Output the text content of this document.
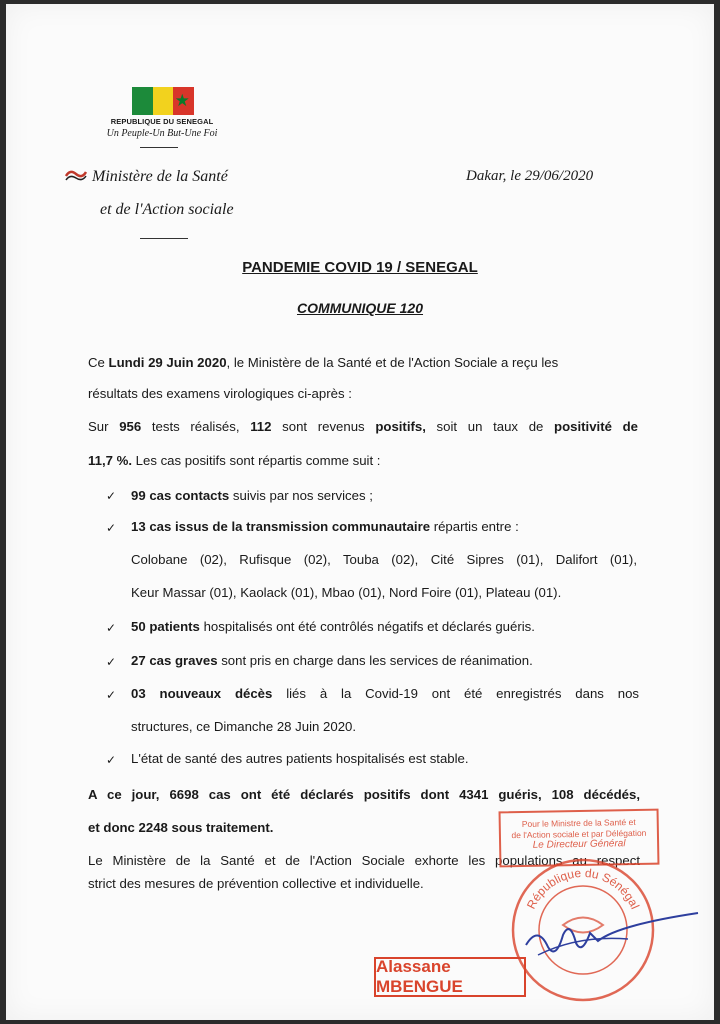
★
REPUBLIQUE DU SENEGAL
Un Peuple-Un But-Une Foi
Ministère de la Santé
et de l'Action sociale
Dakar, le 29/06/2020
PANDEMIE COVID 19 / SENEGAL
COMMUNIQUE 120
Ce Lundi 29 Juin 2020, le Ministère de la Santé et de l'Action Sociale a reçu les
résultats des examens virologiques ci-après :
Sur 956 tests réalisés, 112 sont revenus positifs, soit un taux de positivité de
11,7 %. Les cas positifs sont répartis comme suit :
✓ 99 cas contacts suivis par nos services ;
✓ 13 cas issus de la transmission communautaire répartis entre :
Colobane (02), Rufisque (02), Touba (02), Cité Sipres (01), Dalifort (01),
Keur Massar (01), Kaolack (01), Mbao (01), Nord Foire (01), Plateau (01).
✓ 50 patients hospitalisés ont été contrôlés négatifs et déclarés guéris.
✓ 27 cas graves sont pris en charge dans les services de réanimation.
✓ 03 nouveaux décès liés à la Covid-19 ont été enregistrés dans nos
structures, ce Dimanche 28 Juin 2020.
✓ L'état de santé des autres patients hospitalisés est stable.
A ce jour, 6698 cas ont été déclarés positifs dont 4341 guéris, 108 décédés,
et donc 2248 sous traitement.
Le Ministère de la Santé et de l'Action Sociale exhorte les populations au respect
strict des mesures de prévention collective et individuelle.
Pour le Ministre de la Santé et
de l'Action sociale et par Délégation
Le Directeur Général
République du Sénégal
Alassane MBENGUE
